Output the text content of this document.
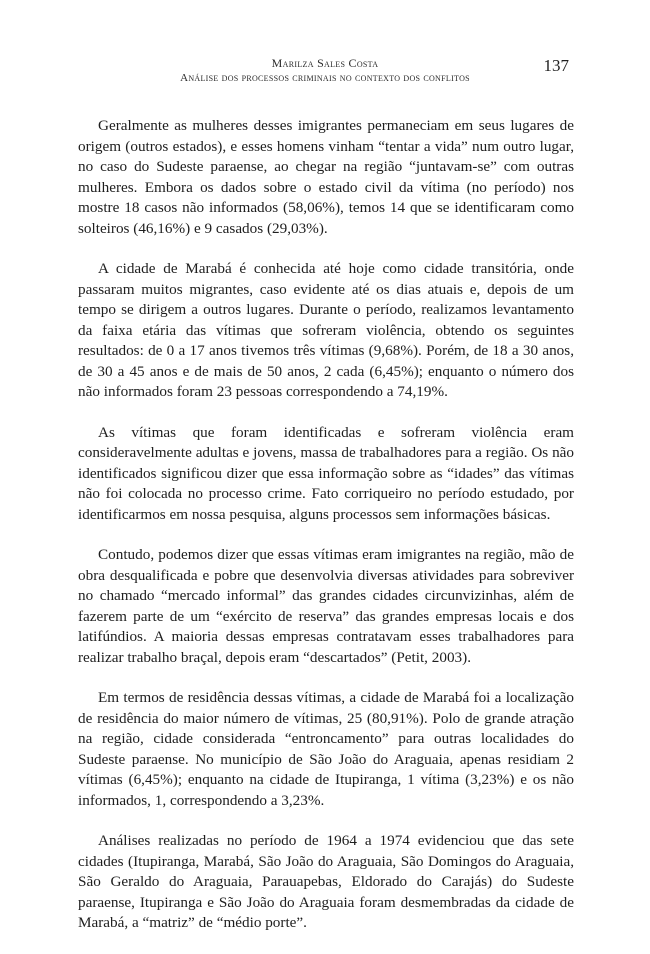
Marilza Sales Costa
Análise dos processos criminais no contexto dos conflitos
137

Geralmente as mulheres desses imigrantes permaneciam em seus lugares de origem (outros estados), e esses homens vinham “tentar a vida” num outro lugar, no caso do Sudeste paraense, ao chegar na região “juntavam-se” com outras mulheres. Embora os dados sobre o estado civil da vítima (no período) nos mostre 18 casos não informados (58,06%), temos 14 que se identificaram como solteiros (46,16%) e 9 casados (29,03%).

A cidade de Marabá é conhecida até hoje como cidade transitória, onde passaram muitos migrantes, caso evidente até os dias atuais e, depois de um tempo se dirigem a outros lugares. Durante o período, realizamos levantamento da faixa etária das vítimas que sofreram violência, obtendo os seguintes resultados: de 0 a 17 anos tivemos três vítimas (9,68%). Porém, de 18 a 30 anos, de 30 a 45 anos e de mais de 50 anos, 2 cada (6,45%); enquanto o número dos não informados foram 23 pessoas correspondendo a 74,19%.

As vítimas que foram identificadas e sofreram violência eram consideravelmente adultas e jovens, massa de trabalhadores para a região. Os não identificados significou dizer que essa informação sobre as “idades” das vítimas não foi colocada no processo crime. Fato corriqueiro no período estudado, por identificarmos em nossa pesquisa, alguns processos sem informações básicas.

Contudo, podemos dizer que essas vítimas eram imigrantes na região, mão de obra desqualificada e pobre que desenvolvia diversas atividades para sobreviver no chamado “mercado informal” das grandes cidades circunvizinhas, além de fazerem parte de um “exército de reserva” das grandes empresas locais e dos latifúndios. A maioria dessas empresas contratavam esses trabalhadores para realizar trabalho braçal, depois eram “descartados” (Petit, 2003).

Em termos de residência dessas vítimas, a cidade de Marabá foi a localização de residência do maior número de vítimas, 25 (80,91%). Polo de grande atração na região, cidade considerada “entroncamento” para outras localidades do Sudeste paraense. No município de São João do Araguaia, apenas residiam 2 vítimas (6,45%); enquanto na cidade de Itupiranga, 1 vítima (3,23%) e os não informados, 1, correspondendo a 3,23%.

Análises realizadas no período de 1964 a 1974 evidenciou que das sete cidades (Itupiranga, Marabá, São João do Araguaia, São Domingos do Araguaia, São Geraldo do Araguaia, Parauapebas, Eldorado do Carajás) do Sudeste paraense, Itupiranga e São João do Araguaia foram desmembradas da cidade de Marabá, a “matriz” de “médio porte”.
